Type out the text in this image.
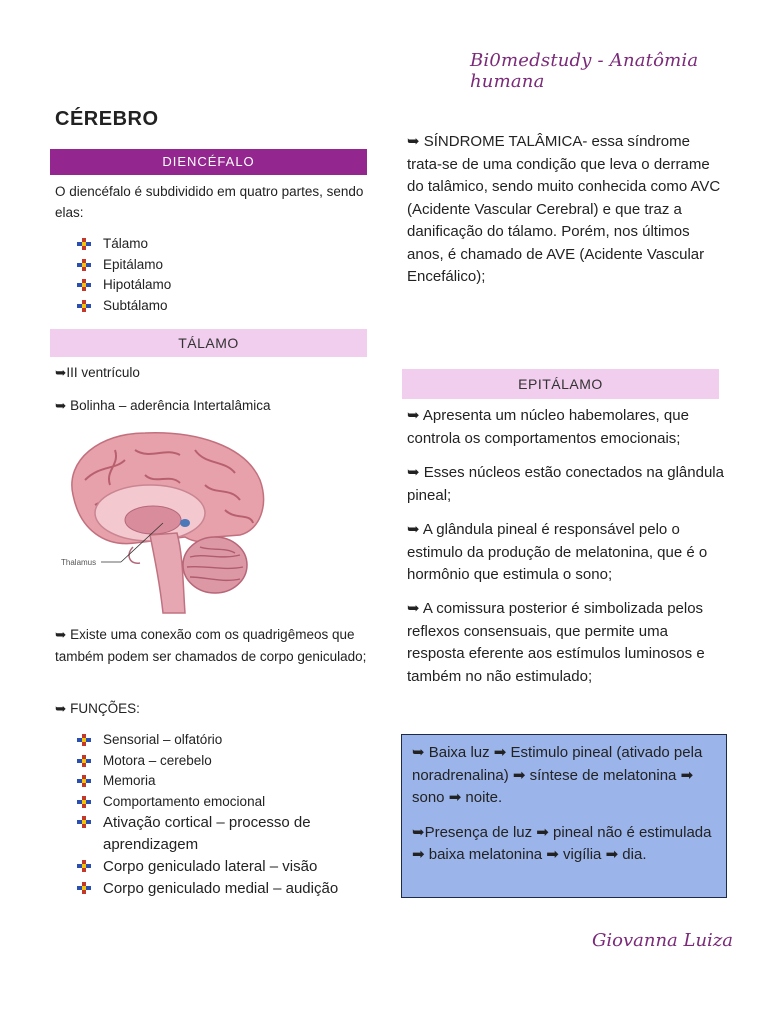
Bi0medstudy - Anatômia humana
CÉREBRO
DIENCÉFALO
O diencéfalo é subdividido em quatro partes, sendo elas:
Tálamo
Epitálamo
Hipotálamo
Subtálamo
TÁLAMO
➥III ventrículo
➥ Bolinha – aderência Intertalâmica
Thalamus
➥ Existe uma conexão com os quadrigêmeos que também podem ser chamados de corpo geniculado;
➥ FUNÇÕES:
Sensorial – olfatório
Motora – cerebelo
Memoria
Comportamento emocional
Ativação cortical – processo de aprendizagem
Corpo geniculado lateral – visão
Corpo geniculado medial – audição
➥ SÍNDROME TALÂMICA- essa síndrome trata-se de uma condição que leva o derrame do talâmico, sendo muito conhecida como AVC (Acidente Vascular Cerebral) e que traz a danificação do tálamo. Porém, nos últimos anos, é chamado de AVE (Acidente Vascular Encefálico);
EPITÁLAMO
➥ Apresenta um núcleo habemolares, que controla os comportamentos emocionais;
➥ Esses núcleos estão conectados na glândula pineal;
➥ A glândula pineal é responsável pelo o estimulo da produção de melatonina, que é o hormônio que estimula o sono;
➥ A comissura posterior é simbolizada pelos reflexos consensuais, que permite uma resposta eferente aos estímulos luminosos e também no não estimulado;
➥ Baixa luz ➡ Estimulo pineal (ativado pela noradrenalina) ➡ síntese de melatonina ➡ sono ➡ noite.
➥Presença de luz ➡ pineal não é estimulada ➡ baixa melatonina ➡ vigília ➡ dia.
Giovanna Luiza
